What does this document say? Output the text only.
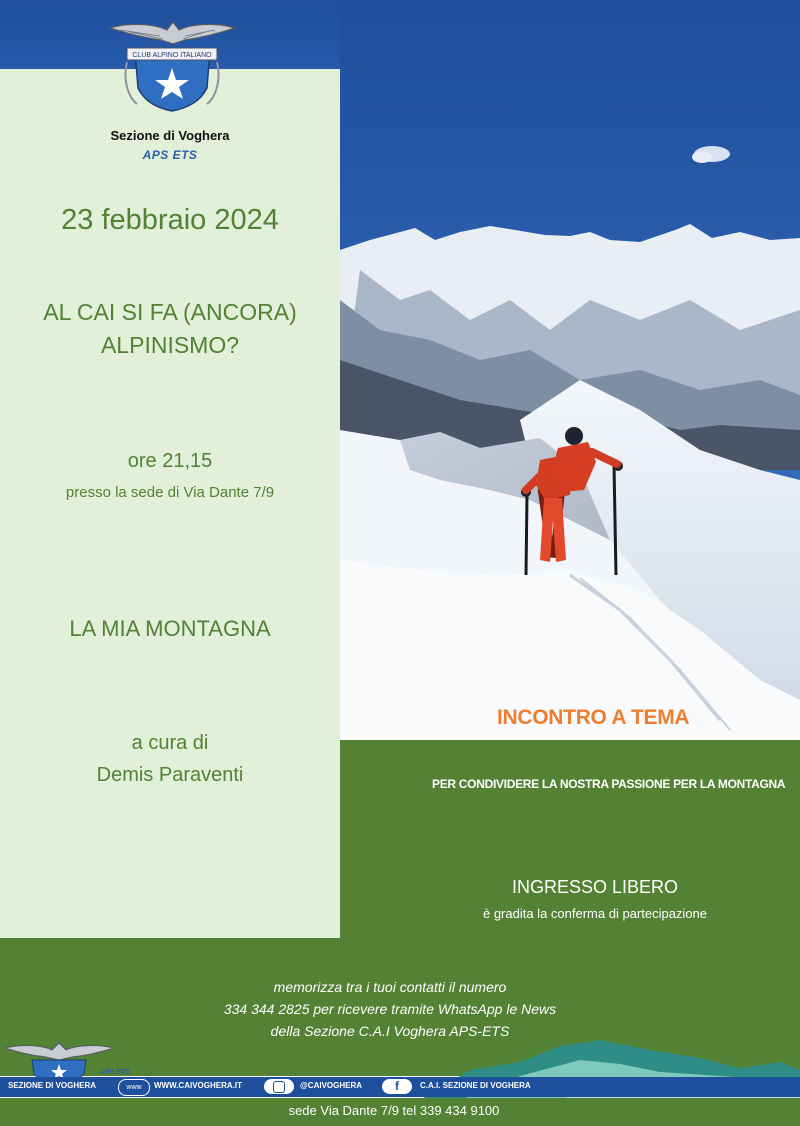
CLUB ALPINO ITALIANO
Sezione di Voghera
APS ETS
23 febbraio 2024
AL CAI SI FA (ANCORA)
ALPINISMO?
ore 21,15
presso la sede di Via Dante 7/9
LA MIA MONTAGNA
a cura di
Demis Paraventi
INCONTRO A TEMA
PER CONDIVIDERE LA NOSTRA PASSIONE PER LA MONTAGNA
INGRESSO LIBERO
è gradita la conferma di partecipazione
memorizza tra i tuoi contatti il numero
334 344 2825 per ricevere tramite WhatsApp le News
della Sezione C.A.I Voghera APS-ETS
APS ETS
SEZIONE DI VOGHERA	www	WWW.CAIVOGHERA.IT	@CAIVOGHERA	f	C.A.I. SEZIONE DI VOGHERA
sede Via Dante 7/9 tel 339 434 9100
